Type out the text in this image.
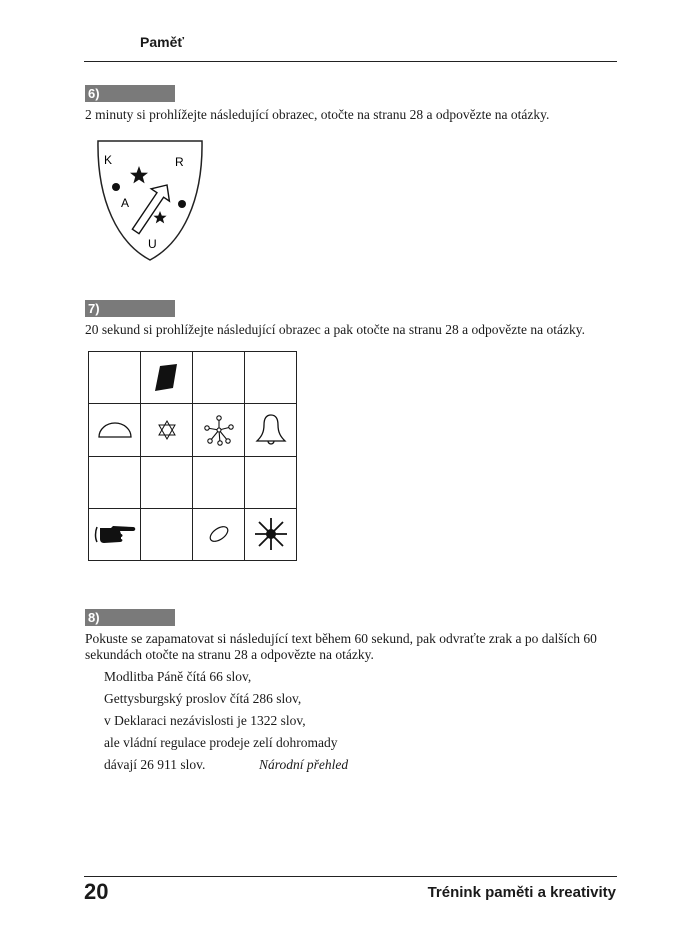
Paměť
6)
2 minuty si prohlížejte následující obrazec, otočte na stranu 28 a odpovězte na otázky.
K	R
A
U
7)
20 sekund si prohlížejte následující obrazec a pak otočte na stranu 28 a odpovězte na otázky.
8)
Pokuste se zapamatovat si následující text během 60 sekund, pak odvraťte zrak a po dalších 60 sekundách otočte na stranu 28 a odpovězte na otázky.
Modlitba Páně čítá 66 slov,
Gettysburgský proslov čítá 286 slov,
v Deklaraci nezávislosti je 1322 slov,
ale vládní regulace prodeje zelí dohromady
dávají 26 911 slov.	Národní přehled
20	Trénink paměti a kreativity
